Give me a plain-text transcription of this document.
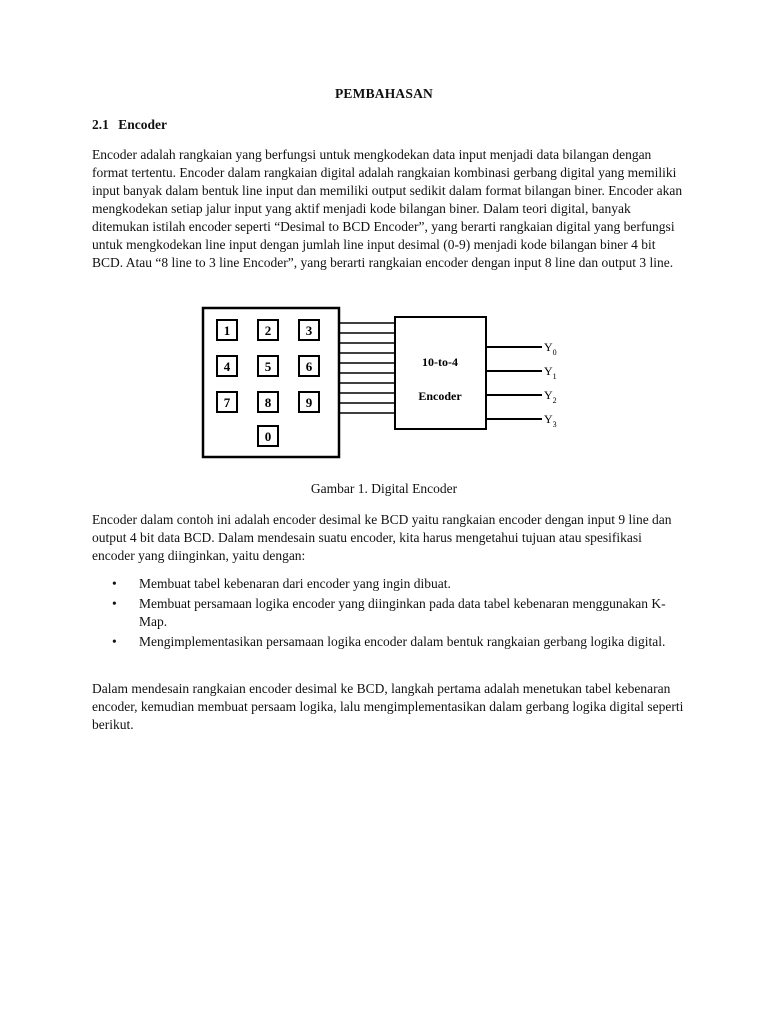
PEMBAHASAN
2.1 Encoder

Encoder adalah rangkaian yang berfungsi untuk mengkodekan data input menjadi data bilangan dengan format tertentu. Encoder dalam rangkaian digital adalah rangkaian kombinasi gerbang digital yang memiliki input banyak dalam bentuk line input dan memiliki output sedikit dalam format bilangan biner. Encoder akan mengkodekan setiap jalur input yang aktif menjadi kode bilangan biner. Dalam teori digital, banyak ditemukan istilah encoder seperti “Desimal to BCD Encoder”, yang berarti rangkaian digital yang berfungsi untuk mengkodekan line input dengan jumlah line input desimal (0-9) menjadi kode bilangan biner 4 bit BCD. Atau “8 line to 3 line Encoder”, yang berarti rangkaian encoder dengan input 8 line dan output 3 line.

1	2	3
4	5	6
7	8	9
0
10-to-4
Encoder
$Y_0$
$Y_1$
$Y_2$
$Y_3$
Gambar 1. Digital Encoder

Encoder dalam contoh ini adalah encoder desimal ke BCD yaitu rangkaian encoder dengan input 9 line dan output 4 bit data BCD. Dalam mendesain suatu encoder, kita harus mengetahui tujuan atau spesifikasi encoder yang diinginkan, yaitu dengan:

• Membuat tabel kebenaran dari encoder yang ingin dibuat.
• Membuat persamaan logika encoder yang diinginkan pada data tabel kebenaran menggunakan K-Map.
• Mengimplementasikan persamaan logika encoder dalam bentuk rangkaian gerbang logika digital.

Dalam mendesain rangkaian encoder desimal ke BCD, langkah pertama adalah menetukan tabel kebenaran encoder, kemudian membuat persaam logika, lalu mengimplementasikan dalam gerbang logika digital seperti berikut.
